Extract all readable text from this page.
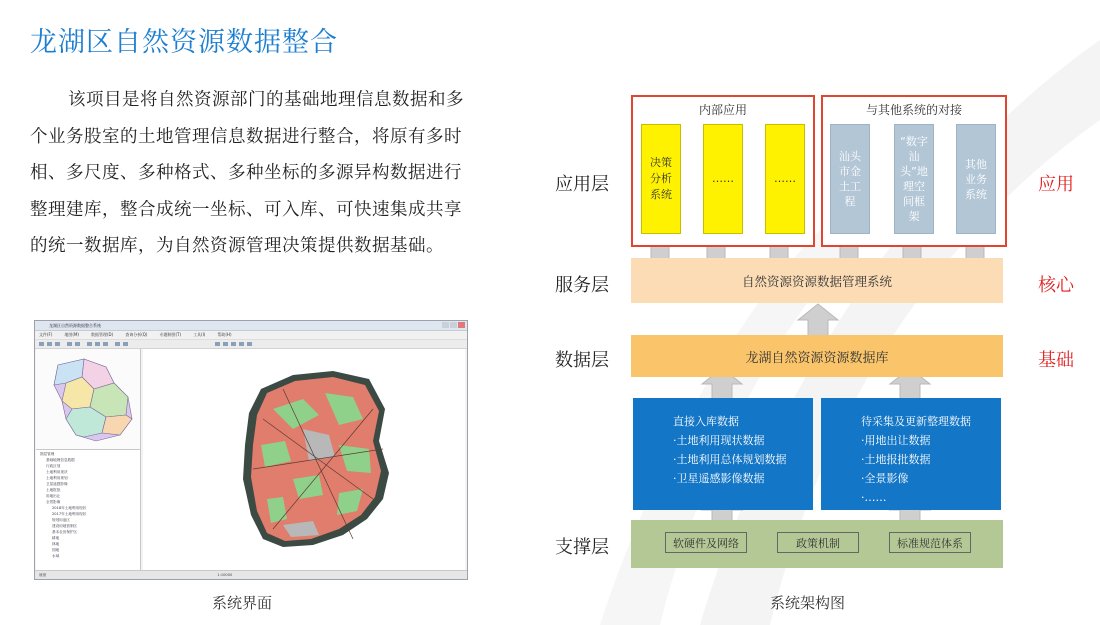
龙湖区自然资源数据整合
该项目是将自然资源部门的基础地理信息数据和多个业务股室的土地管理信息数据进行整合，将原有多时相、多尺度、多种格式、多种坐标的多源异构数据进行整理建库，整合成统一坐标、可入库、可快速集成共享的统一数据库，为自然资源管理决策提供数据基础。
龙湖区自然资源数据整合系统
文件(F)	地图(M)	数据管理(D)	查询分析(Q)	专题制图(T)	工具(I)	帮助(H)
图层管理
基础地理信息数据
行政区划
土地利用现状
土地利用规划
卫星遥感影像
土地报批
用地出让
全景影像
2018年土地利用现状
2017年土地利用现状
规划用途区
建设用地管制区
基本农田保护区
耕地
林地
园地
水域
就绪	1:10000
系统界面
应用层
服务层
数据层
支撑层
应用
核心
基础
内部应用
决策分析系统
……	……
与其他系统的对接
汕头市金土工程
“数字汕头”地理空间框架
其他业务系统
自然资源资源数据管理系统
龙湖自然资源资源数据库
直接入库数据
·土地利用现状数据
·土地利用总体规划数据
·卫星遥感影像数据
待采集及更新整理数据
·用地出让数据
·土地报批数据
·全景影像
·……
软硬件及网络	政策机制	标准规范体系
系统架构图
